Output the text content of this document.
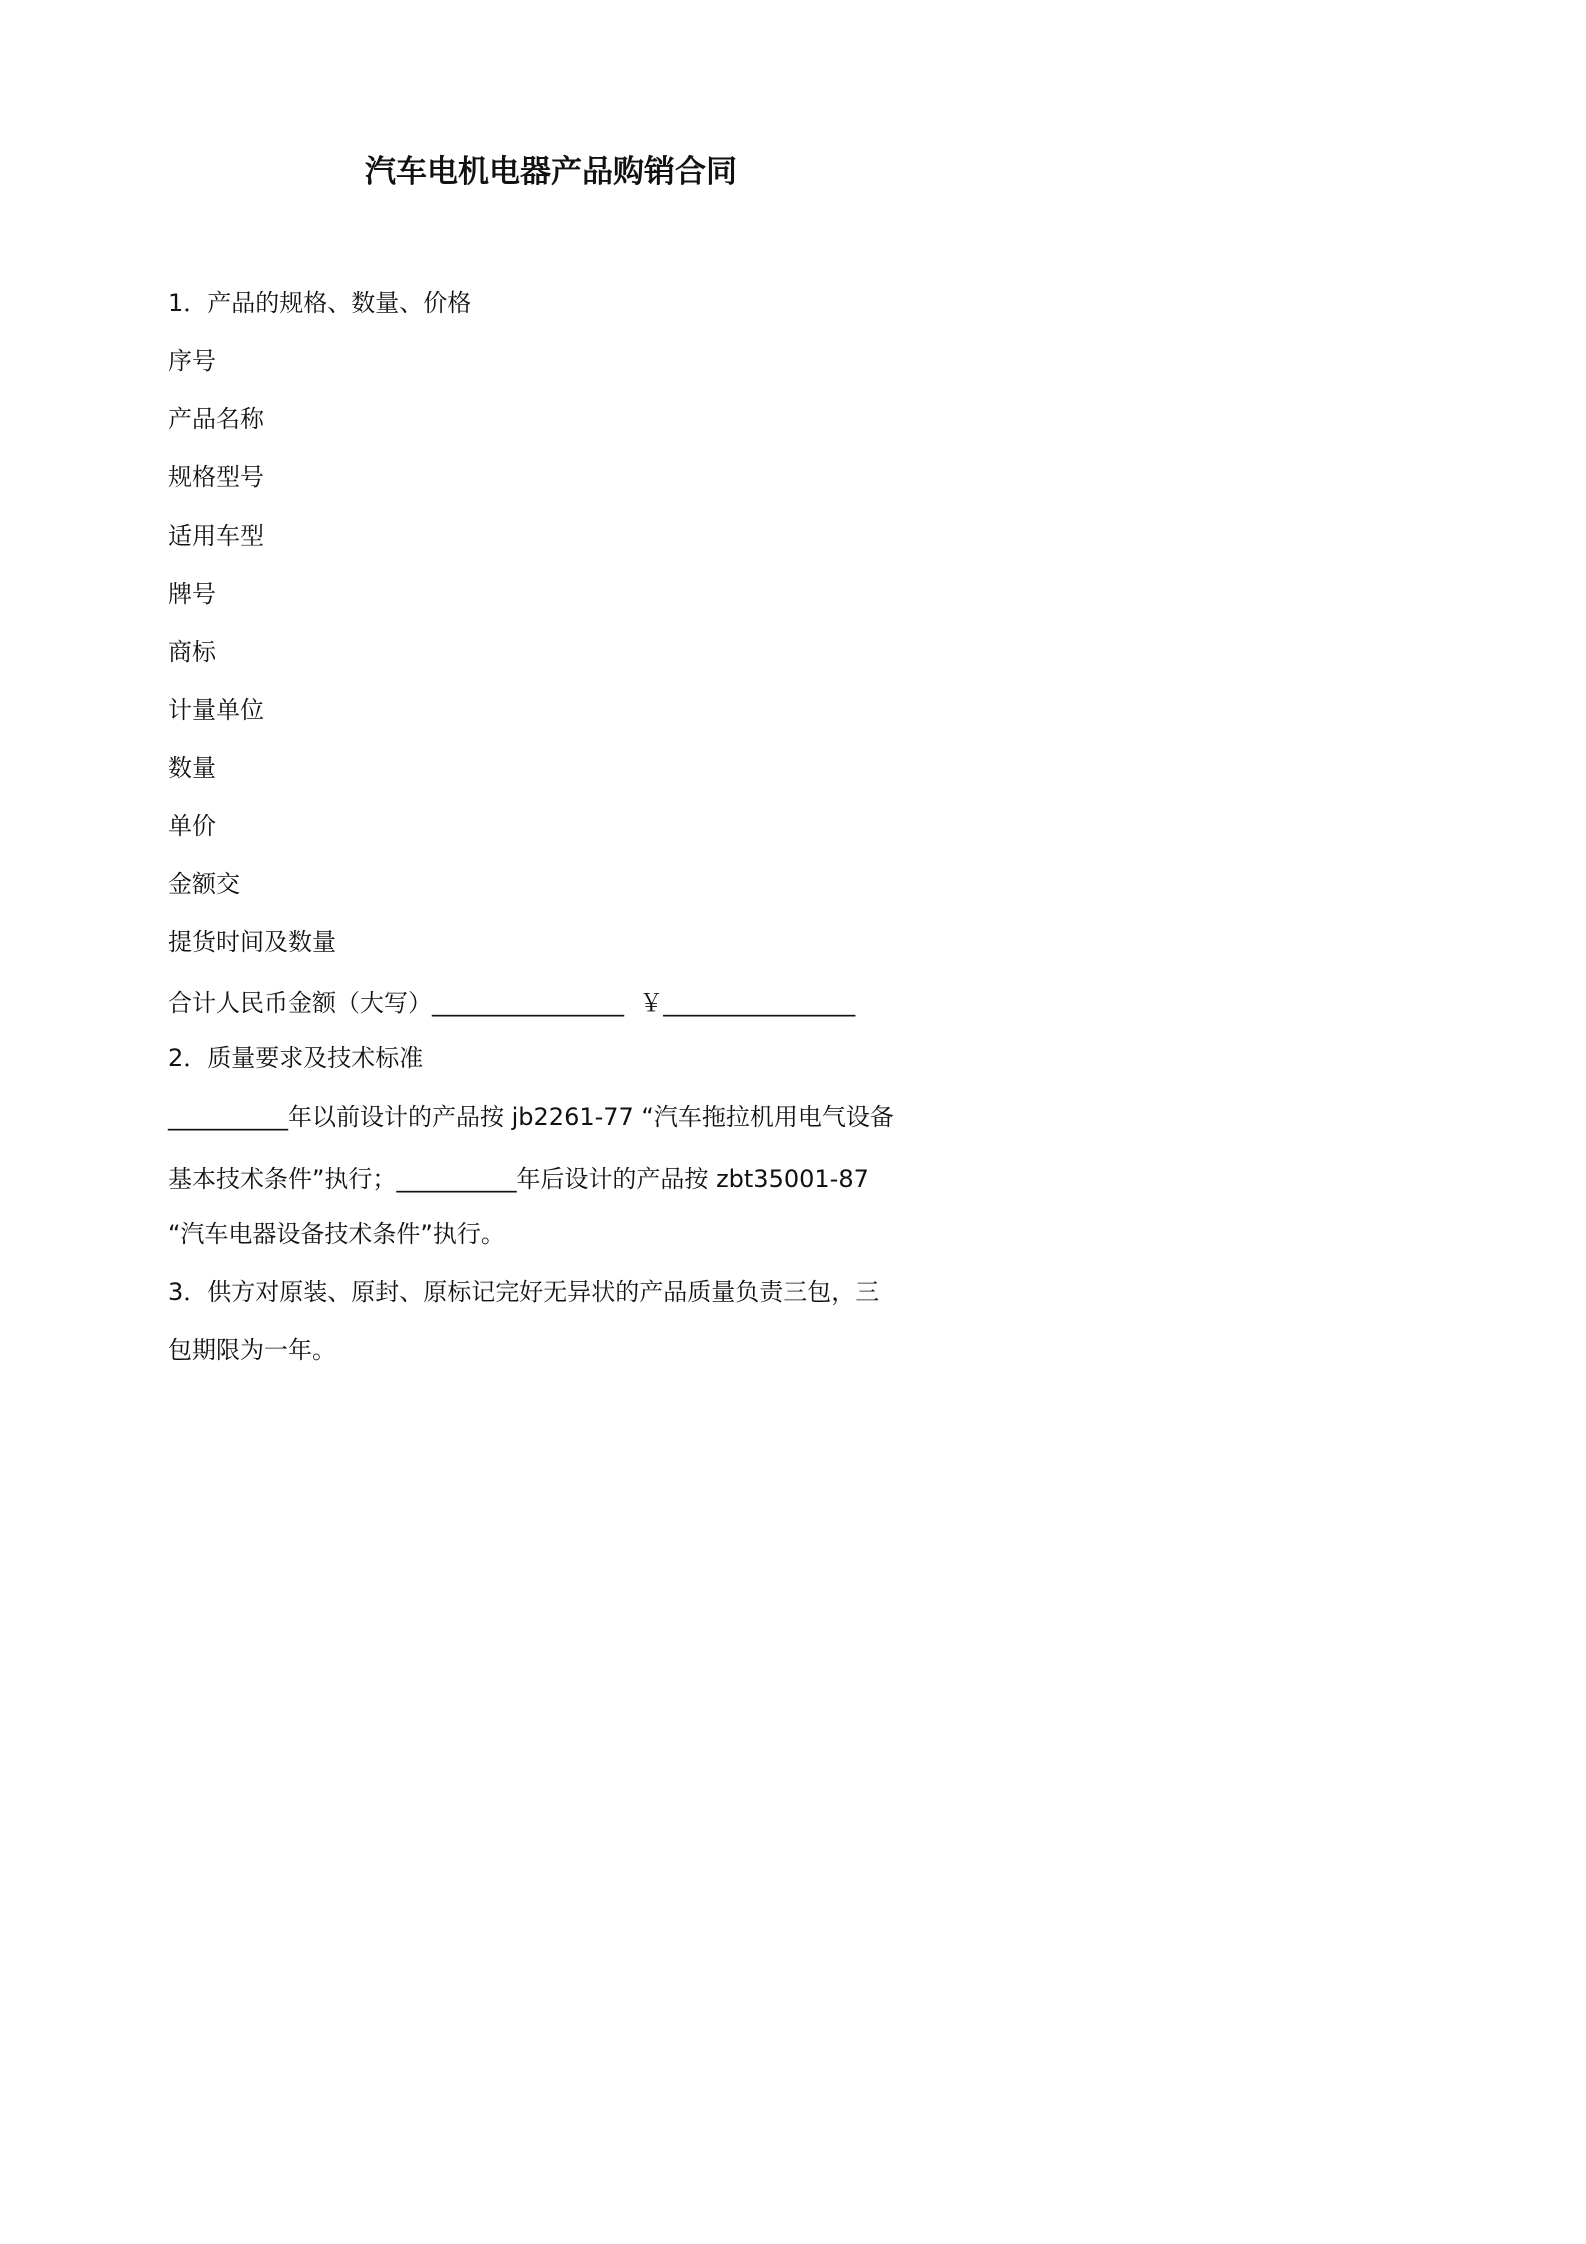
汽车电机电器产品购销合同
1．产品的规格、数量、价格
序号
产品名称
规格型号
适用车型
牌号
商标
计量单位
数量
单价
金额交
提货时间及数量
合计人民币金额（大写）________________ ￥________________
2．质量要求及技术标准
__________年以前设计的产品按 jb2261-77 “汽车拖拉机用电气设备
基本技术条件”执行；__________年后设计的产品按 zbt35001-87
“汽车电器设备技术条件”执行。
3．供方对原装、原封、原标记完好无异状的产品质量负责三包，三
包期限为一年。
